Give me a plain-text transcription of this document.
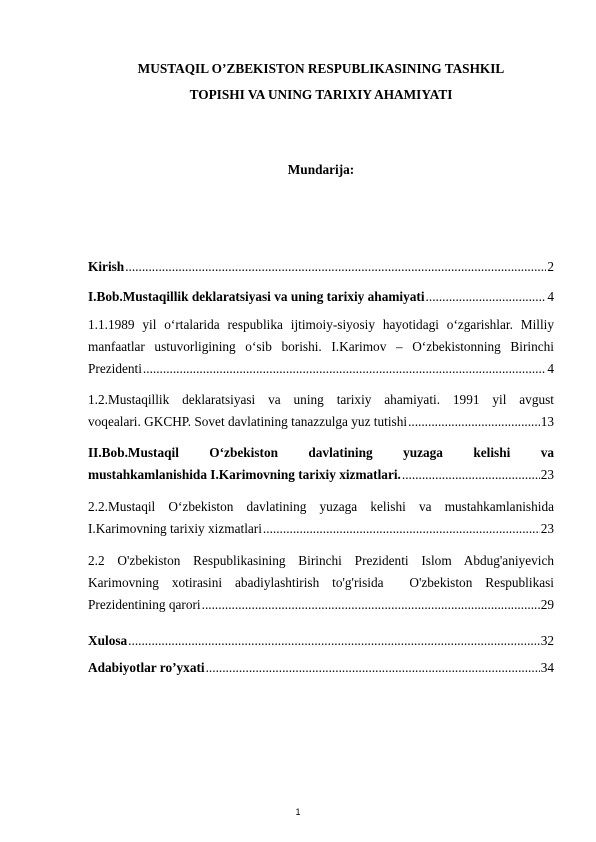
MUSTAQIL O’ZBEKISTON RESPUBLIKASINING TASHKIL
TOPISHI VA UNING TARIXIY AHAMIYATI
Mundarija:
Kirish .....	2
I.Bob.Mustaqillik deklaratsiyasi va uning tarixiy ahamiyati .....	4
1.1.1989 yil o‘rtalarida respublika ijtimoiy-siyosiy hayotidagi o‘zgarishlar. Milliy
manfaatlar ustuvorligining o‘sib borishi. I.Karimov – O‘zbekistonning Birinchi
Prezidenti .....	4
1.2.Mustaqillik deklaratsiyasi va uning tarixiy ahamiyati. 1991 yil avgust
voqealari. GKCHP. Sovet davlatining tanazzulga yuz tutishi .....	13
II.Bob.Mustaqil O‘zbekiston davlatining yuzaga kelishi va
mustahkamlanishida I.Karimovning tarixiy xizmatlari. .....	23
2.2.Mustaqil O‘zbekiston davlatining yuzaga kelishi va mustahkamlanishida
I.Karimovning tarixiy xizmatlari .....	23
2.2 O'zbekiston Respublikasining Birinchi Prezidenti Islom Abdug'aniyevich
Karimovning xotirasini abadiylashtirish to'g'risida  O'zbekiston Respublikasi
Prezidentining qarori .....	29
Xulosa .....	32
Adabiyotlar ro’yxati .....	34
1
